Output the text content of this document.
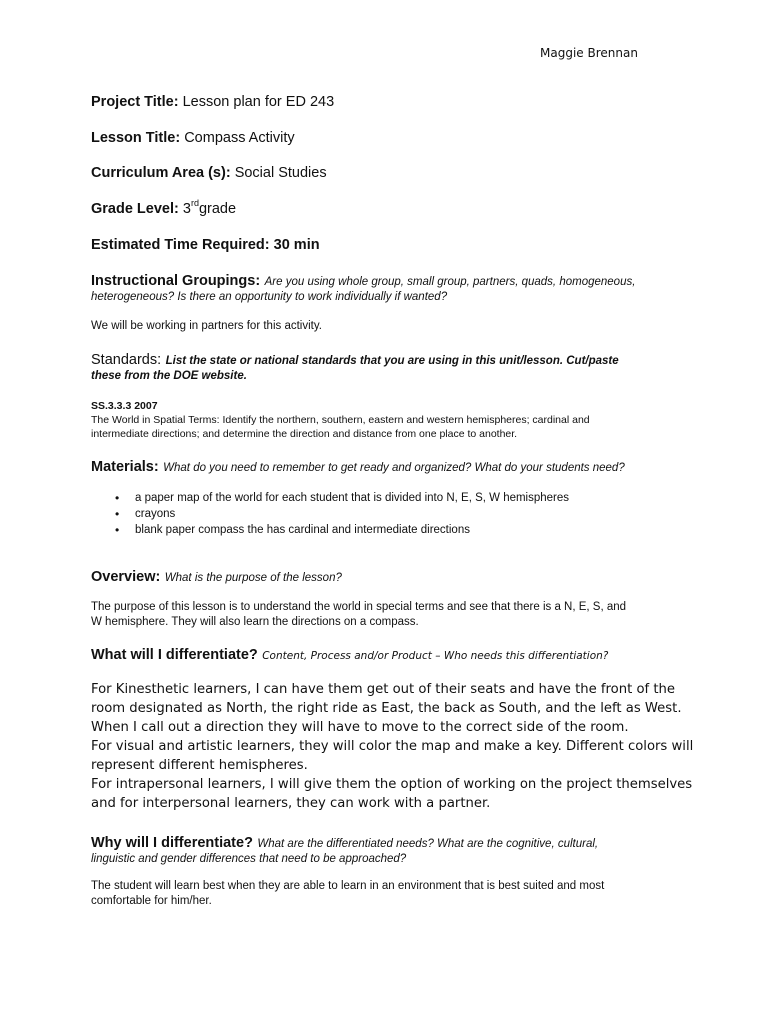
Maggie Brennan
Project Title: Lesson plan for ED 243
Lesson Title: Compass Activity
Curriculum Area (s): Social Studies
Grade Level: 3rdgrade
Estimated Time Required: 30 min

Instructional Groupings: Are you using whole group, small group, partners, quads, homogeneous,

heterogeneous? Is there an opportunity to work individually if wanted?

We will be working in partners for this activity.

Standards: List the state or national standards that you are using in this unit/lesson. Cut/paste

these from the DOE website.

SS.3.3.3 2007

The World in Spatial Terms: Identify the northern, southern, eastern and western hemispheres; cardinal and

intermediate directions; and determine the direction and distance from one place to another.

Materials: What do you need to remember to get ready and organized? What do your students need?
• a paper map of the world for each student that is divided into N, E, S, W hemispheres
• crayons
• blank paper compass the has cardinal and intermediate directions
Overview: What is the purpose of the lesson?

The purpose of this lesson is to understand the world in special terms and see that there is a N, E, S, and

W hemisphere. They will also learn the directions on a compass.

What will I differentiate? Content, Process and/or Product – Who needs this differentiation?

For Kinesthetic learners, I can have them get out of their seats and have the front of the

room designated as North, the right ride as East, the back as South, and the left as West.

When I call out a direction they will have to move to the correct side of the room.

For visual and artistic learners, they will color the map and make a key. Different colors will

represent different hemispheres.

For intrapersonal learners, I will give them the option of working on the project themselves

and for interpersonal learners, they can work with a partner.

Why will I differentiate? What are the differentiated needs? What are the cognitive, cultural,

linguistic and gender differences that need to be approached?

The student will learn best when they are able to learn in an environment that is best suited and most

comfortable for him/her.
